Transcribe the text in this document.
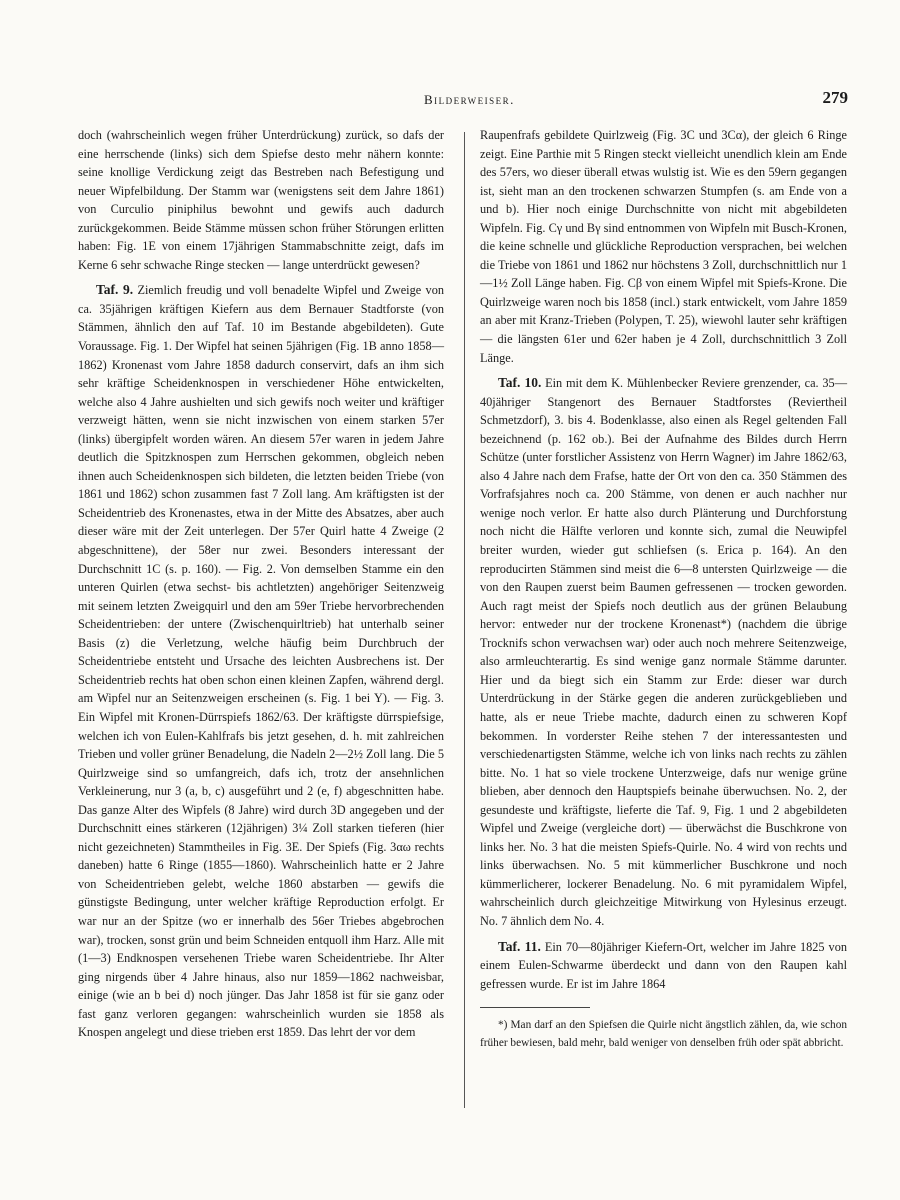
Bilderweiser.	279

doch (wahrscheinlich wegen früher Unterdrückung) zurück, so dafs der eine herrschende (links) sich dem Spiefse desto mehr nähern konnte: seine knollige Verdickung zeigt das Bestreben nach Befestigung und neuer Wipfelbildung. Der Stamm war (wenigstens seit dem Jahre 1861) von Curculio piniphilus bewohnt und gewifs auch dadurch zurückgekommen. Beide Stämme müssen schon früher Störungen erlitten haben: Fig. 1E von einem 17jährigen Stammabschnitte zeigt, dafs im Kerne 6 sehr schwache Ringe stecken — lange unterdrückt gewesen?

Taf. 9. Ziemlich freudig und voll benadelte Wipfel und Zweige von ca. 35jährigen kräftigen Kiefern aus dem Bernauer Stadtforste (von Stämmen, ähnlich den auf Taf. 10 im Bestande abgebildeten). Gute Voraussage. Fig. 1. Der Wipfel hat seinen 5jährigen (Fig. 1B anno 1858—1862) Kronenast vom Jahre 1858 dadurch conservirt, dafs an ihm sich sehr kräftige Scheidenknospen in verschiedener Höhe entwickelten, welche also 4 Jahre aushielten und sich gewifs noch weiter und kräftiger verzweigt hätten, wenn sie nicht inzwischen von einem starken 57er (links) übergipfelt worden wären. An diesem 57er waren in jedem Jahre deutlich die Spitzknospen zum Herrschen gekommen, obgleich neben ihnen auch Scheidenknospen sich bildeten, die letzten beiden Triebe (von 1861 und 1862) schon zusammen fast 7 Zoll lang. Am kräftigsten ist der Scheidentrieb des Kronenastes, etwa in der Mitte des Absatzes, aber auch dieser wäre mit der Zeit unterlegen. Der 57er Quirl hatte 4 Zweige (2 abgeschnittene), der 58er nur zwei. Besonders interessant der Durchschnitt 1C (s. p. 160). — Fig. 2. Von demselben Stamme ein den unteren Quirlen (etwa sechst- bis achtletzten) angehöriger Seitenzweig mit seinem letzten Zweigquirl und den am 59er Triebe hervorbrechenden Scheidentrieben: der untere (Zwischenquirltrieb) hat unterhalb seiner Basis (z) die Verletzung, welche häufig beim Durchbruch der Scheidentriebe entsteht und Ursache des leichten Ausbrechens ist. Der Scheidentrieb rechts hat oben schon einen kleinen Zapfen, während dergl. am Wipfel nur an Seitenzweigen erscheinen (s. Fig. 1 bei Y). — Fig. 3. Ein Wipfel mit Kronen-Dürrspiefs 1862/63. Der kräftigste dürrspiefsige, welchen ich von Eulen-Kahlfrafs bis jetzt gesehen, d. h. mit zahlreichen Trieben und voller grüner Benadelung, die Nadeln 2—2½ Zoll lang. Die 5 Quirlzweige sind so umfangreich, dafs ich, trotz der ansehnlichen Verkleinerung, nur 3 (a, b, c) ausgeführt und 2 (e, f) abgeschnitten habe. Das ganze Alter des Wipfels (8 Jahre) wird durch 3D angegeben und der Durchschnitt eines stärkeren (12jährigen) 3¼ Zoll starken tieferen (hier nicht gezeichneten) Stammtheiles in Fig. 3E. Der Spiefs (Fig. 3αω rechts daneben) hatte 6 Ringe (1855—1860). Wahrscheinlich hatte er 2 Jahre von Scheidentrieben gelebt, welche 1860 abstarben — gewifs die günstigste Bedingung, unter welcher kräftige Reproduction erfolgt. Er war nur an der Spitze (wo er innerhalb des 56er Triebes abgebrochen war), trocken, sonst grün und beim Schneiden entquoll ihm Harz. Alle mit (1—3) Endknospen versehenen Triebe waren Scheidentriebe. Ihr Alter ging nirgends über 4 Jahre hinaus, also nur 1859—1862 nachweisbar, einige (wie an b bei d) noch jünger. Das Jahr 1858 ist für sie ganz oder fast ganz verloren gegangen: wahrscheinlich wurden sie 1858 als Knospen angelegt und diese trieben erst 1859. Das lehrt der vor dem

Raupenfrafs gebildete Quirlzweig (Fig. 3C und 3Cα), der gleich 6 Ringe zeigt. Eine Parthie mit 5 Ringen steckt vielleicht unendlich klein am Ende des 57ers, wo dieser überall etwas wulstig ist. Wie es den 59ern gegangen ist, sieht man an den trockenen schwarzen Stumpfen (s. am Ende von a und b). Hier noch einige Durchschnitte von nicht mit abgebildeten Wipfeln. Fig. Cγ und Bγ sind entnommen von Wipfeln mit Busch-Kronen, die keine schnelle und glückliche Reproduction versprachen, bei welchen die Triebe von 1861 und 1862 nur höchstens 3 Zoll, durchschnittlich nur 1—1½ Zoll Länge haben. Fig. Cβ von einem Wipfel mit Spiefs-Krone. Die Quirlzweige waren noch bis 1858 (incl.) stark entwickelt, vom Jahre 1859 an aber mit Kranz-Trieben (Polypen, T. 25), wiewohl lauter sehr kräftigen — die längsten 61er und 62er haben je 4 Zoll, durchschnittlich 3 Zoll Länge.

Taf. 10. Ein mit dem K. Mühlenbecker Reviere grenzender, ca. 35—40jähriger Stangenort des Bernauer Stadtforstes (Reviertheil Schmetzdorf), 3. bis 4. Bodenklasse, also einen als Regel geltenden Fall bezeichnend (p. 162 ob.). Bei der Aufnahme des Bildes durch Herrn Schütze (unter forstlicher Assistenz von Herrn Wagner) im Jahre 1862/63, also 4 Jahre nach dem Frafse, hatte der Ort von den ca. 350 Stämmen des Vorfrafsjahres noch ca. 200 Stämme, von denen er auch nachher nur wenige noch verlor. Er hatte also durch Plänterung und Durchforstung noch nicht die Hälfte verloren und konnte sich, zumal die Neuwipfel breiter wurden, wieder gut schliefsen (s. Erica p. 164). An den reproducirten Stämmen sind meist die 6—8 untersten Quirlzweige — die von den Raupen zuerst beim Baumen gefressenen — trocken geworden. Auch ragt meist der Spiefs noch deutlich aus der grünen Belaubung hervor: entweder nur der trockene Kronenast*) (nachdem die übrige Trocknifs schon verwachsen war) oder auch noch mehrere Seitenzweige, also armleuchterartig. Es sind wenige ganz normale Stämme darunter. Hier und da biegt sich ein Stamm zur Erde: dieser war durch Unterdrückung in der Stärke gegen die anderen zurückgeblieben und hatte, als er neue Triebe machte, dadurch einen zu schweren Kopf bekommen. In vorderster Reihe stehen 7 der interessantesten und verschiedenartigsten Stämme, welche ich von links nach rechts zu zählen bitte. No. 1 hat so viele trockene Unterzweige, dafs nur wenige grüne blieben, aber dennoch den Hauptspiefs beinahe überwuchsen. No. 2, der gesundeste und kräftigste, lieferte die Taf. 9, Fig. 1 und 2 abgebildeten Wipfel und Zweige (vergleiche dort) — überwächst die Buschkrone von links her. No. 3 hat die meisten Spiefs-Quirle. No. 4 wird von rechts und links überwachsen. No. 5 mit kümmerlicher Buschkrone und noch kümmerlicherer, lockerer Benadelung. No. 6 mit pyramidalem Wipfel, wahrscheinlich durch gleichzeitige Mitwirkung von Hylesinus erzeugt. No. 7 ähnlich dem No. 4.

Taf. 11. Ein 70—80jähriger Kiefern-Ort, welcher im Jahre 1825 von einem Eulen-Schwarme überdeckt und dann von den Raupen kahl gefressen wurde. Er ist im Jahre 1864

*) Man darf an den Spiefsen die Quirle nicht ängstlich zählen, da, wie schon früher bewiesen, bald mehr, bald weniger von denselben früh oder spät abbricht.
